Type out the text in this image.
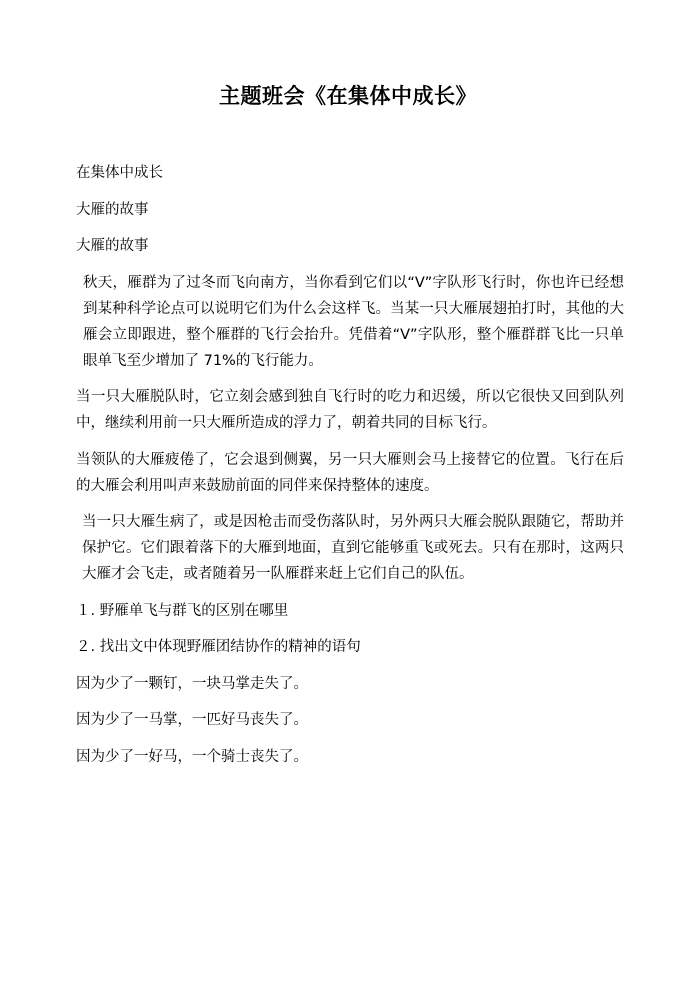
主题班会《在集体中成长》

在集体中成长

大雁的故事

大雁的故事

秋天，雁群为了过冬而飞向南方，当你看到它们以“V”字队形飞行时，你也许已经想到某种科学论点可以说明它们为什么会这样飞。当某一只大雁展翅拍打时，其他的大雁会立即跟进，整个雁群的飞行会抬升。凭借着“V”字队形，整个雁群群飞比一只单眼单飞至少增加了 71%的飞行能力。

当一只大雁脱队时，它立刻会感到独自飞行时的吃力和迟缓，所以它很快又回到队列中，继续利用前一只大雁所造成的浮力了，朝着共同的目标飞行。

当领队的大雁疲倦了，它会退到侧翼，另一只大雁则会马上接替它的位置。飞行在后的大雁会利用叫声来鼓励前面的同伴来保持整体的速度。

当一只大雁生病了，或是因枪击而受伤落队时，另外两只大雁会脱队跟随它，帮助并保护它。它们跟着落下的大雁到地面，直到它能够重飞或死去。只有在那时，这两只大雁才会飞走，或者随着另一队雁群来赶上它们自己的队伍。

１. 野雁单飞与群飞的区别在哪里

２. 找出文中体现野雁团结协作的精神的语句

因为少了一颗钉，一块马掌走失了。

因为少了一马掌，一匹好马丧失了。

因为少了一好马，一个骑士丧失了。
